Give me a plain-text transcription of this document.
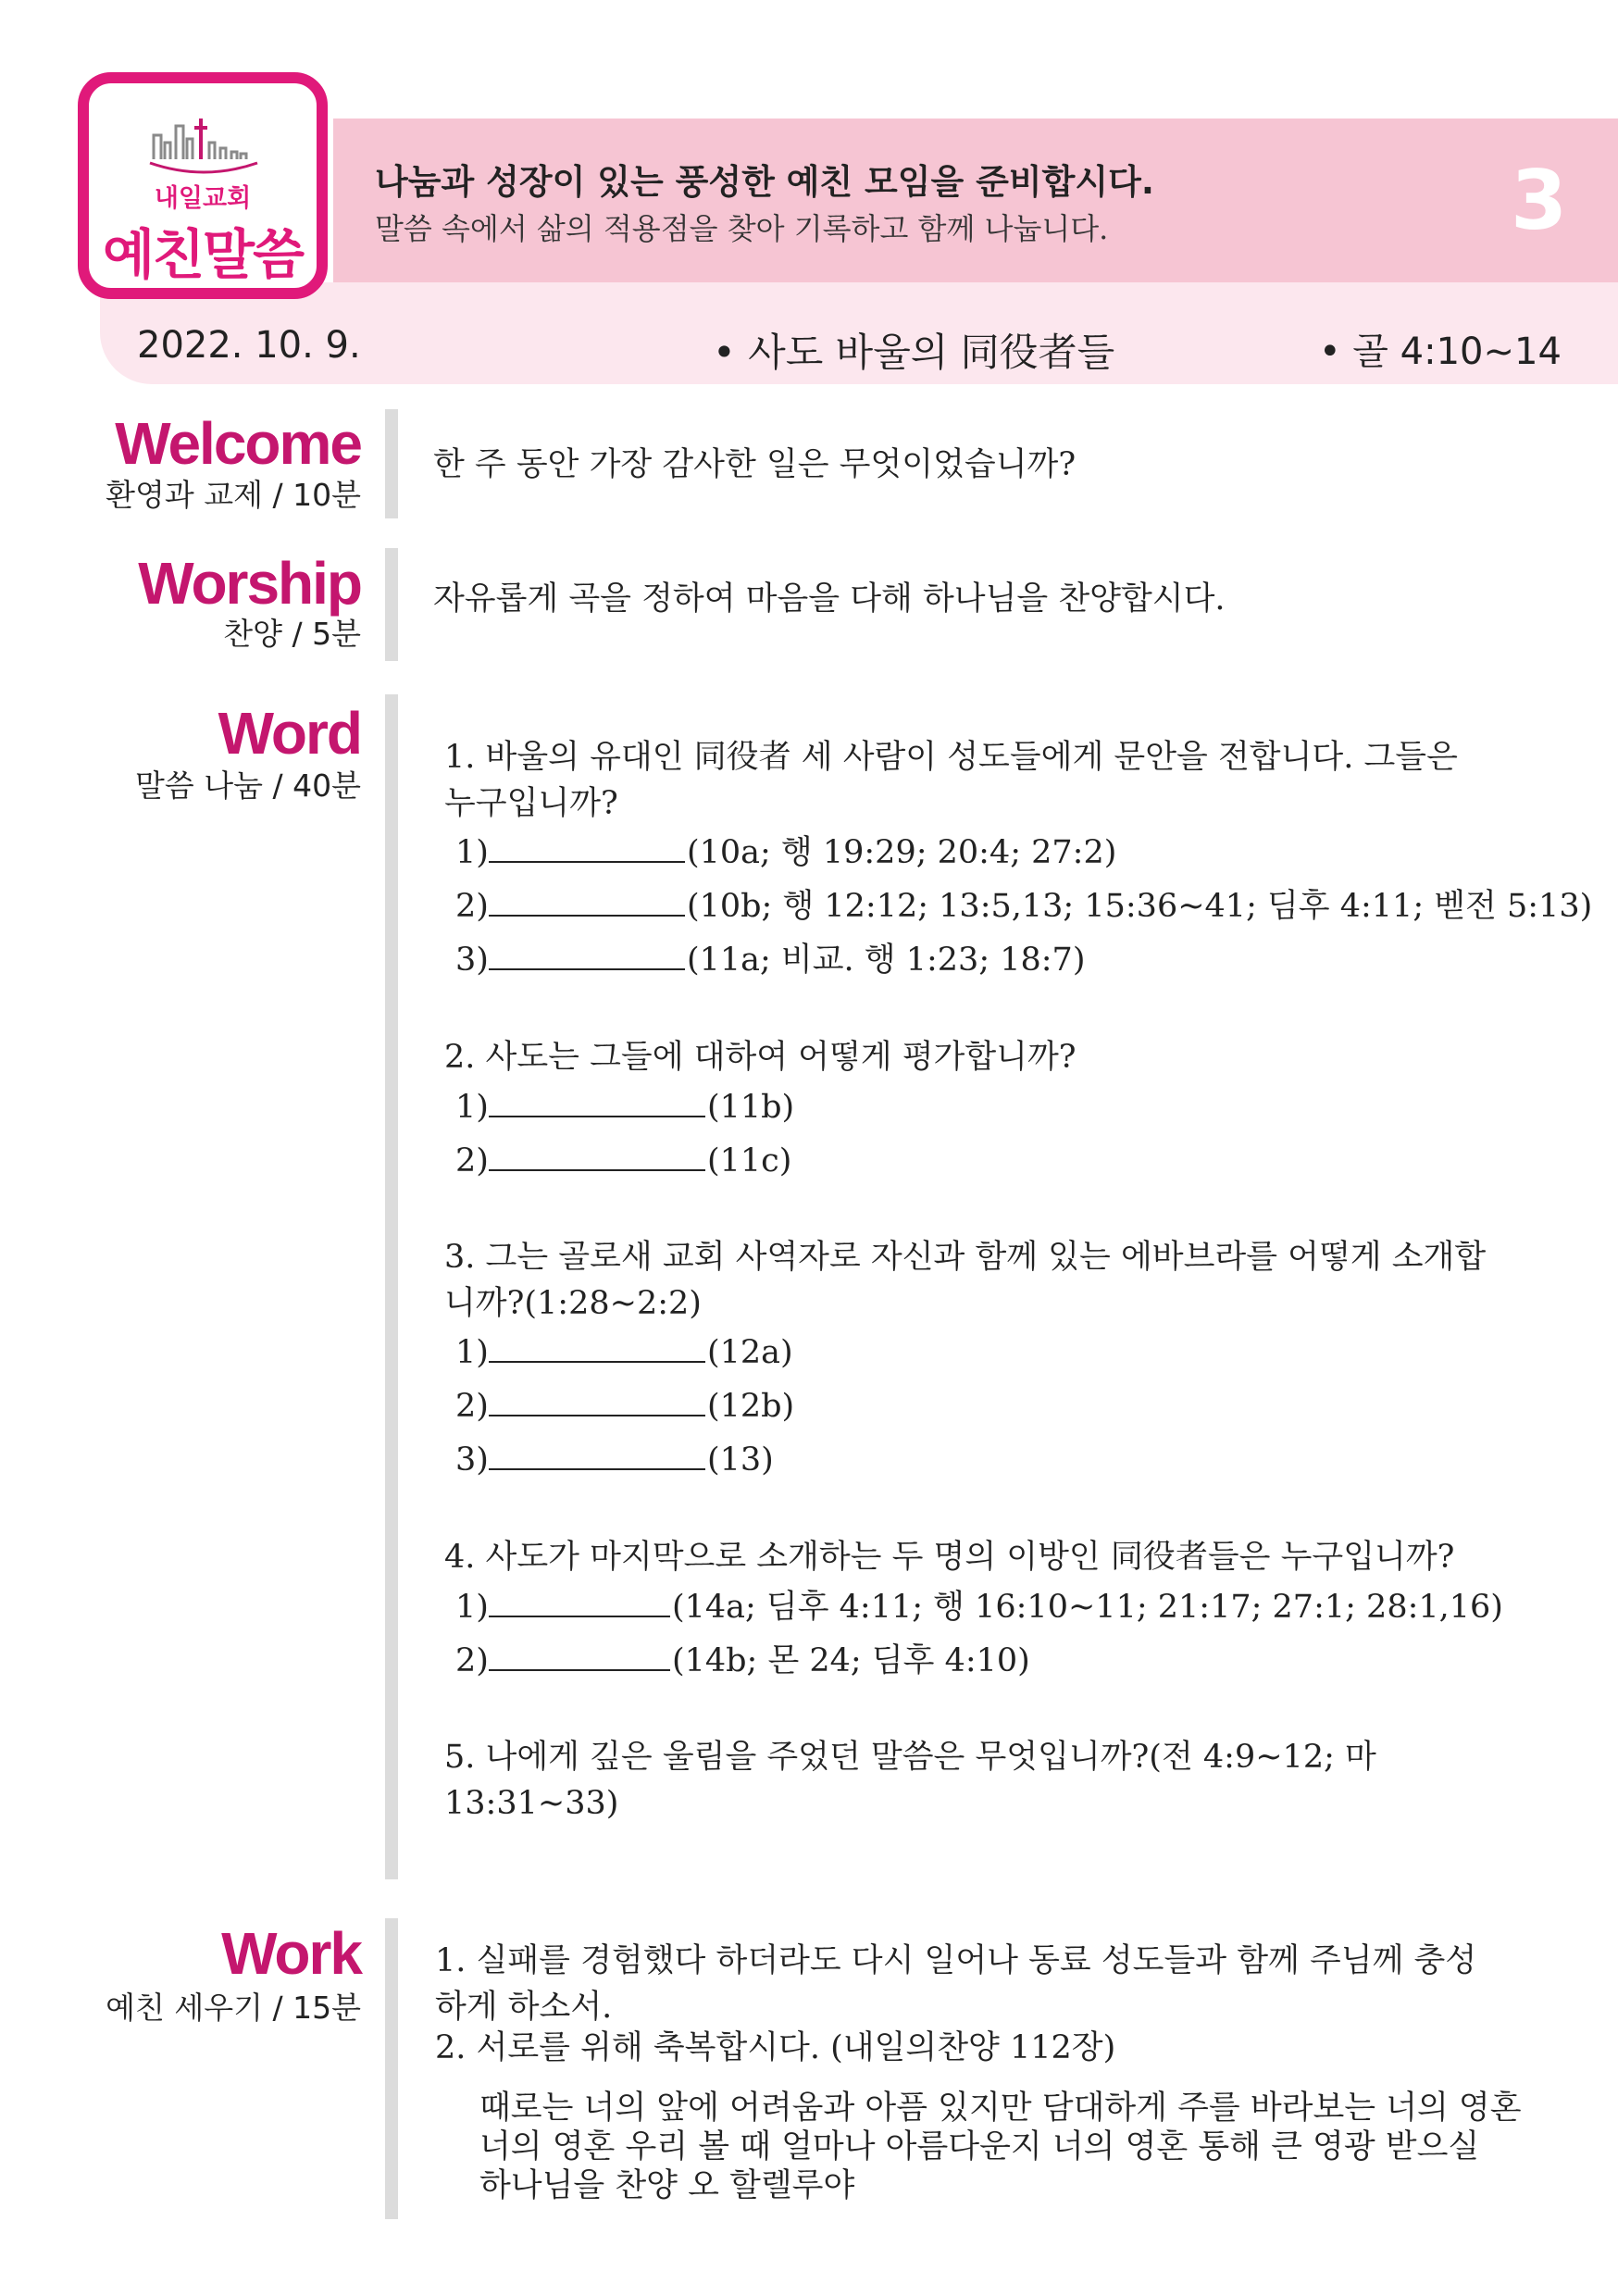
내일교회
예친말씀
나눔과 성장이 있는 풍성한 예친 모임을 준비합시다.
말씀 속에서 삶의 적용점을 찾아 기록하고 함께 나눕니다.	3
2022. 10. 9.	• 사도 바울의 同役者들	• 골 4:10~14
Welcome
환영과 교제 / 10분
한 주 동안 가장 감사한 일은 무엇이었습니까?
Worship
찬양 / 5분
자유롭게 곡을 정하여 마음을 다해 하나님을 찬양합시다.
Word
말씀 나눔 / 40분
1. 바울의 유대인 同役者 세 사람이 성도들에게 문안을 전합니다. 그들은 누구입니까?
1)	(10a; 행 19:29; 20:4; 27:2)
2)	(10b; 행 12:12; 13:5,13; 15:36~41; 딤후 4:11; 벧전 5:13)
3)	(11a; 비교. 행 1:23; 18:7)
2. 사도는 그들에 대하여 어떻게 평가합니까?
1)	(11b)
2)	(11c)
3. 그는 골로새 교회 사역자로 자신과 함께 있는 에바브라를 어떻게 소개합니까?(1:28~2:2)
1)	(12a)
2)	(12b)
3)	(13)
4. 사도가 마지막으로 소개하는 두 명의 이방인 同役者들은 누구입니까?
1)	(14a; 딤후 4:11; 행 16:10~11; 21:17; 27:1; 28:1,16)
2)	(14b; 몬 24; 딤후 4:10)
5. 나에게 깊은 울림을 주었던 말씀은 무엇입니까?(전 4:9~12; 마 13:31~33)
Work
예친 세우기 / 15분
1. 실패를 경험했다 하더라도 다시 일어나 동료 성도들과 함께 주님께 충성하게 하소서.
2. 서로를 위해 축복합시다. (내일의찬양 112장)
때로는 너의 앞에 어려움과 아픔 있지만 담대하게 주를 바라보는 너의 영혼
너의 영혼 우리 볼 때 얼마나 아름다운지 너의 영혼 통해 큰 영광 받으실
하나님을 찬양 오 할렐루야
